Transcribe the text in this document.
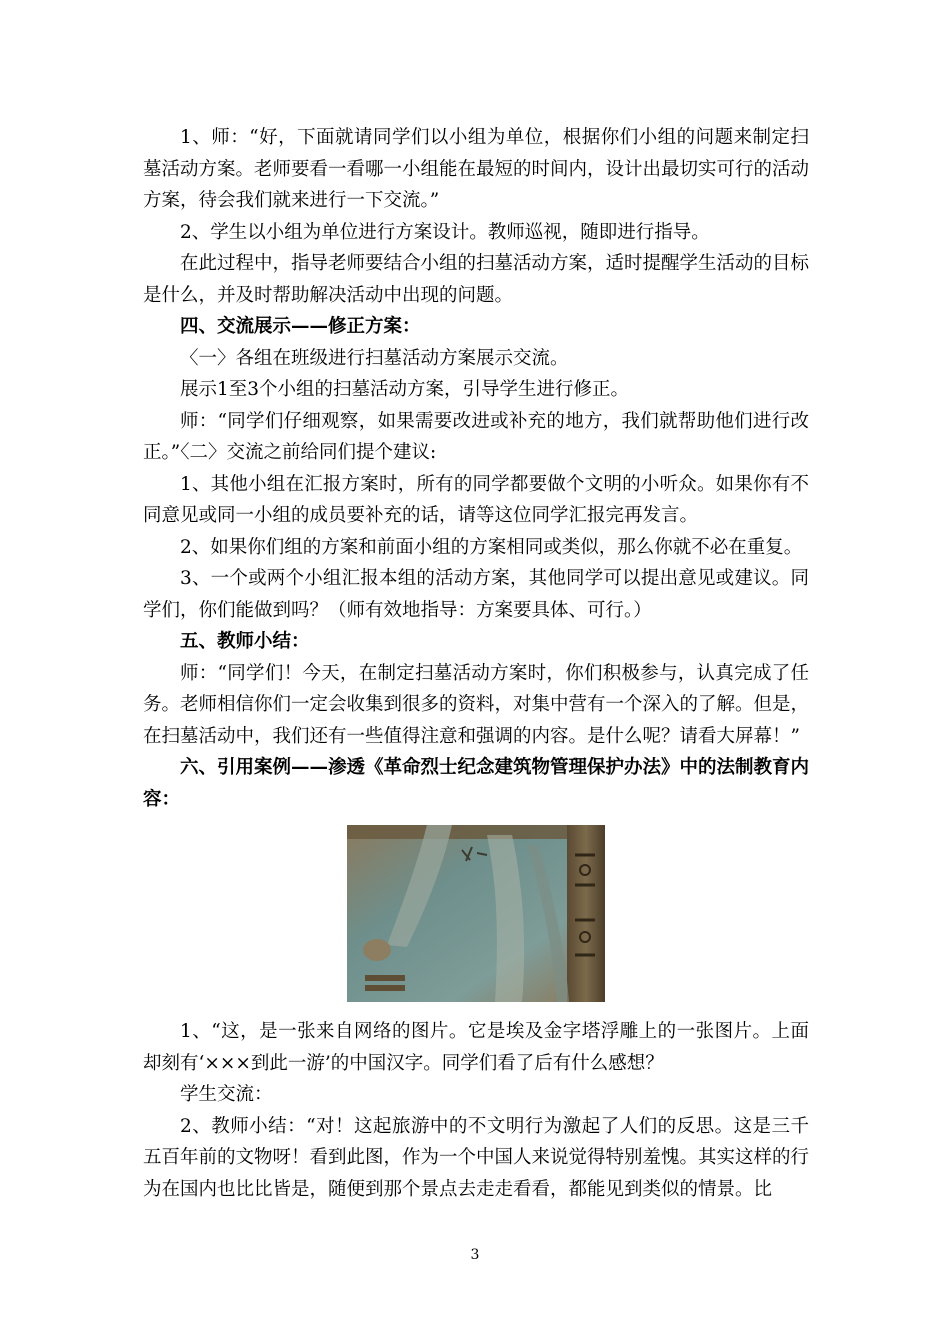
1、师：“好，下面就请同学们以小组为单位，根据你们小组的问题来制定扫墓活动方案。老师要看一看哪一小组能在最短的时间内，设计出最切实可行的活动方案，待会我们就来进行一下交流。”

2、学生以小组为单位进行方案设计。教师巡视，随即进行指导。

在此过程中，指导老师要结合小组的扫墓活动方案，适时提醒学生活动的目标是什么，并及时帮助解决活动中出现的问题。

四、交流展示——修正方案：

〈一〉各组在班级进行扫墓活动方案展示交流。

展示1至3个小组的扫墓活动方案，引导学生进行修正。

师：“同学们仔细观察，如果需要改进或补充的地方，我们就帮助他们进行改正。”〈二〉交流之前给同们提个建议:

1、其他小组在汇报方案时，所有的同学都要做个文明的小听众。如果你有不同意见或同一小组的成员要补充的话，请等这位同学汇报完再发言。

2、如果你们组的方案和前面小组的方案相同或类似，那么你就不必在重复。

3、一个或两个小组汇报本组的活动方案，其他同学可以提出意见或建议。同学们，你们能做到吗？（师有效地指导：方案要具体、可行。）

五、教师小结：

师：“同学们！今天，在制定扫墓活动方案时，你们积极参与，认真完成了任务。老师相信你们一定会收集到很多的资料，对集中营有一个深入的了解。但是，在扫墓活动中，我们还有一些值得注意和强调的内容。是什么呢？请看大屏幕！”

六、引用案例——渗透《革命烈士纪念建筑物管理保护办法》中的法制教育内容：

1、“这，是一张来自网络的图片。它是埃及金字塔浮雕上的一张图片。上面却刻有‘×××到此一游’的中国汉字。同学们看了后有什么感想？

学生交流：

2、教师小结：“对！这起旅游中的不文明行为激起了人们的反思。这是三千五百年前的文物呀！看到此图，作为一个中国人来说觉得特别羞愧。其实这样的行为在国内也比比皆是，随便到那个景点去走走看看，都能见到类似的情景。比

3
